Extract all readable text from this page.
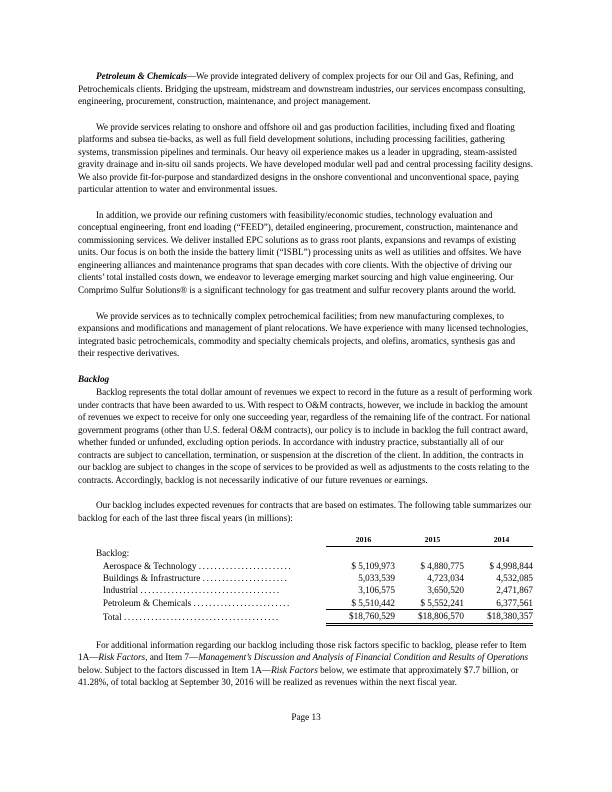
Petroleum & Chemicals—We provide integrated delivery of complex projects for our Oil and Gas, Refining, and Petrochemicals clients. Bridging the upstream, midstream and downstream industries, our services encompass consulting, engineering, procurement, construction, maintenance, and project management.

We provide services relating to onshore and offshore oil and gas production facilities, including fixed and floating platforms and subsea tie-backs, as well as full field development solutions, including processing facilities, gathering systems, transmission pipelines and terminals. Our heavy oil experience makes us a leader in upgrading, steam-assisted gravity drainage and in-situ oil sands projects. We have developed modular well pad and central processing facility designs. We also provide fit-for-purpose and standardized designs in the onshore conventional and unconventional space, paying particular attention to water and environmental issues.

In addition, we provide our refining customers with feasibility/economic studies, technology evaluation and conceptual engineering, front end loading (“FEED”), detailed engineering, procurement, construction, maintenance and commissioning services. We deliver installed EPC solutions as to grass root plants, expansions and revamps of existing units. Our focus is on both the inside the battery limit (“ISBL”) processing units as well as utilities and offsites. We have engineering alliances and maintenance programs that span decades with core clients. With the objective of driving our clients’ total installed costs down, we endeavor to leverage emerging market sourcing and high value engineering. Our Comprimo Sulfur Solutions® is a significant technology for gas treatment and sulfur recovery plants around the world.

We provide services as to technically complex petrochemical facilities; from new manufacturing complexes, to expansions and modifications and management of plant relocations. We have experience with many licensed technologies, integrated basic petrochemicals, commodity and specialty chemicals projects, and olefins, aromatics, synthesis gas and their respective derivatives.

Backlog

Backlog represents the total dollar amount of revenues we expect to record in the future as a result of performing work under contracts that have been awarded to us. With respect to O&M contracts, however, we include in backlog the amount of revenues we expect to receive for only one succeeding year, regardless of the remaining life of the contract. For national government programs (other than U.S. federal O&M contracts), our policy is to include in backlog the full contract award, whether funded or unfunded, excluding option periods. In accordance with industry practice, substantially all of our contracts are subject to cancellation, termination, or suspension at the discretion of the client. In addition, the contracts in our backlog are subject to changes in the scope of services to be provided as well as adjustments to the costs relating to the contracts. Accordingly, backlog is not necessarily indicative of our future revenues or earnings.

Our backlog includes expected revenues for contracts that are based on estimates. The following table summarizes our backlog for each of the last three fiscal years (in millions):

	2016	2015	2014
Backlog:			
Aerospace & Technology ........................	$ 5,109,973	$ 4,880,775	$ 4,998,844
Buildings & Infrastructure ......................	5,033,539	4,723,034	4,532,085
Industrial ....................................	3,106,575	3,650,520	2,471,867
Petroleum & Chemicals .........................	$ 5,510,442	$ 5,552,241	6,377,561
Total ........................................	$18,760,529	$18,806,570	$18,380,357

For additional information regarding our backlog including those risk factors specific to backlog, please refer to Item 1A—Risk Factors, and Item 7—Management’s Discussion and Analysis of Financial Condition and Results of Operations below. Subject to the factors discussed in Item 1A—Risk Factors below, we estimate that approximately $7.7 billion, or 41.28%, of total backlog at September 30, 2016 will be realized as revenues within the next fiscal year.

Page 13
